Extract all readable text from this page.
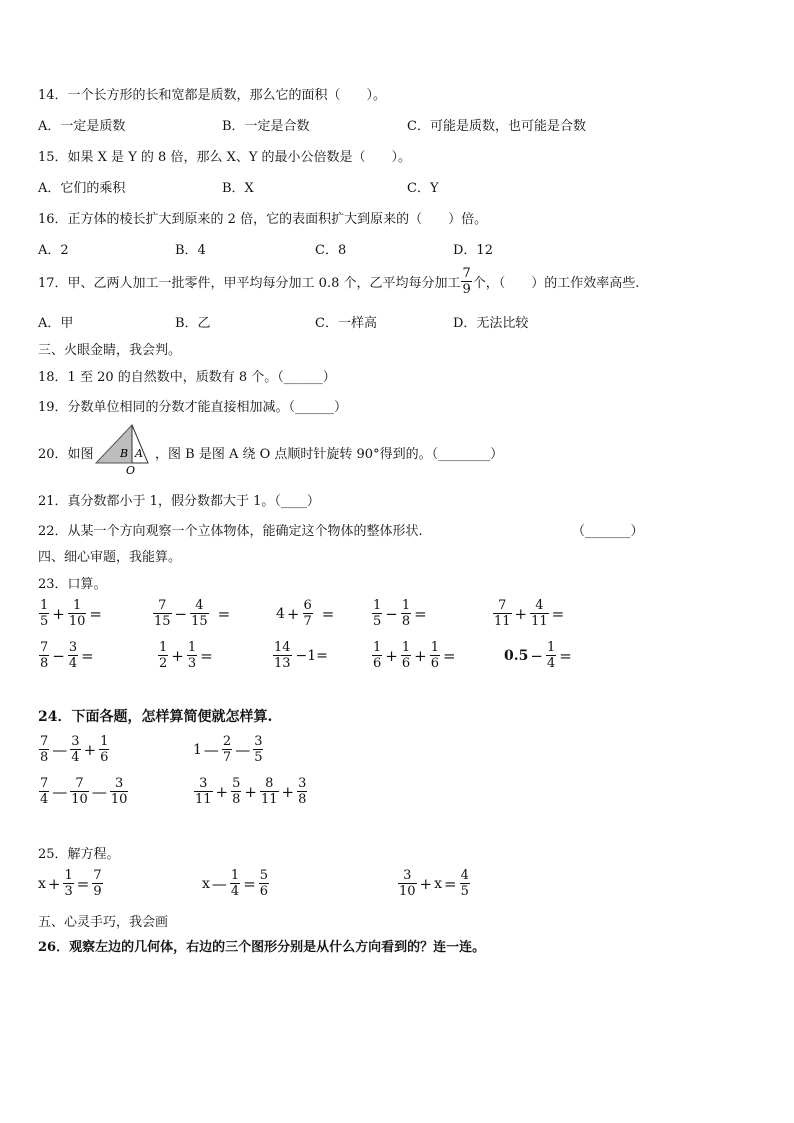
14．一个长方形的长和宽都是质数，那么它的面积（　　）。
A．一定是质数	B．一定是合数	C．可能是质数，也可能是合数
15．如果 X 是 Y 的 8 倍，那么 X、Y 的最小公倍数是（　　）。
A．它们的乘积	B．X	C．Y
16．正方体的棱长扩大到原来的 2 倍，它的表面积扩大到原来的（　　）倍。
A．2	B．4	C．8	D．12
17．甲、乙两人加工一批零件，甲平均每分加工 0.8 个，乙平均每分加工 $\frac{7}{9}$ 个，（　　）的工作效率高些.
A．甲	B．乙	C．一样高	D．无法比较
三、火眼金睛，我会判。
18．1 至 20 的自然数中，质数有 8 个。（______）
19．分数单位相同的分数才能直接相加减。（______）
20．如图 B A
O
，图 B 是图 A 绕 O 点顺时针旋转 90°得到的。（________）
21．真分数都小于 1，假分数都大于 1。（____）
22．从某一个方向观察一个立体物体，能确定这个物体的整体形状.	（_______）
四、细心审题，我能算。
23．口算。
$\frac{1}{5} + \frac{1}{10}$ =	$\frac{7}{15} - \frac{4}{15}$ =	$4 + \frac{6}{7}$ =	$\frac{1}{5} - \frac{1}{8}$ =	$\frac{7}{11} + \frac{4}{11}$ =
$\frac{7}{8} - \frac{3}{4}$ =	$\frac{1}{2} + \frac{1}{3}$ =	$\frac{14}{13} -1=$	$\frac{1}{6} + \frac{1}{6} + \frac{1}{6}$ =	$0.5 - \frac{1}{4}$ =
24．下面各题，怎样算简便就怎样算.
$\frac{7}{8}$ — $\frac{3}{4} + \frac{1}{6}$	1 — $\frac{2}{7}$ — $\frac{3}{5}$
$\frac{7}{4}$ — $\frac{7}{10}$ — $\frac{3}{10}$	$\frac{3}{11} + \frac{5}{8} + \frac{8}{11} + \frac{3}{8}$
25．解方程。
$x + \frac{1}{3} = \frac{7}{9}$	x — $\frac{1}{4} = \frac{5}{6}$	$\frac{3}{10} + x = \frac{4}{5}$
五、心灵手巧，我会画
26．观察左边的几何体，右边的三个图形分别是从什么方向看到的？连一连。
